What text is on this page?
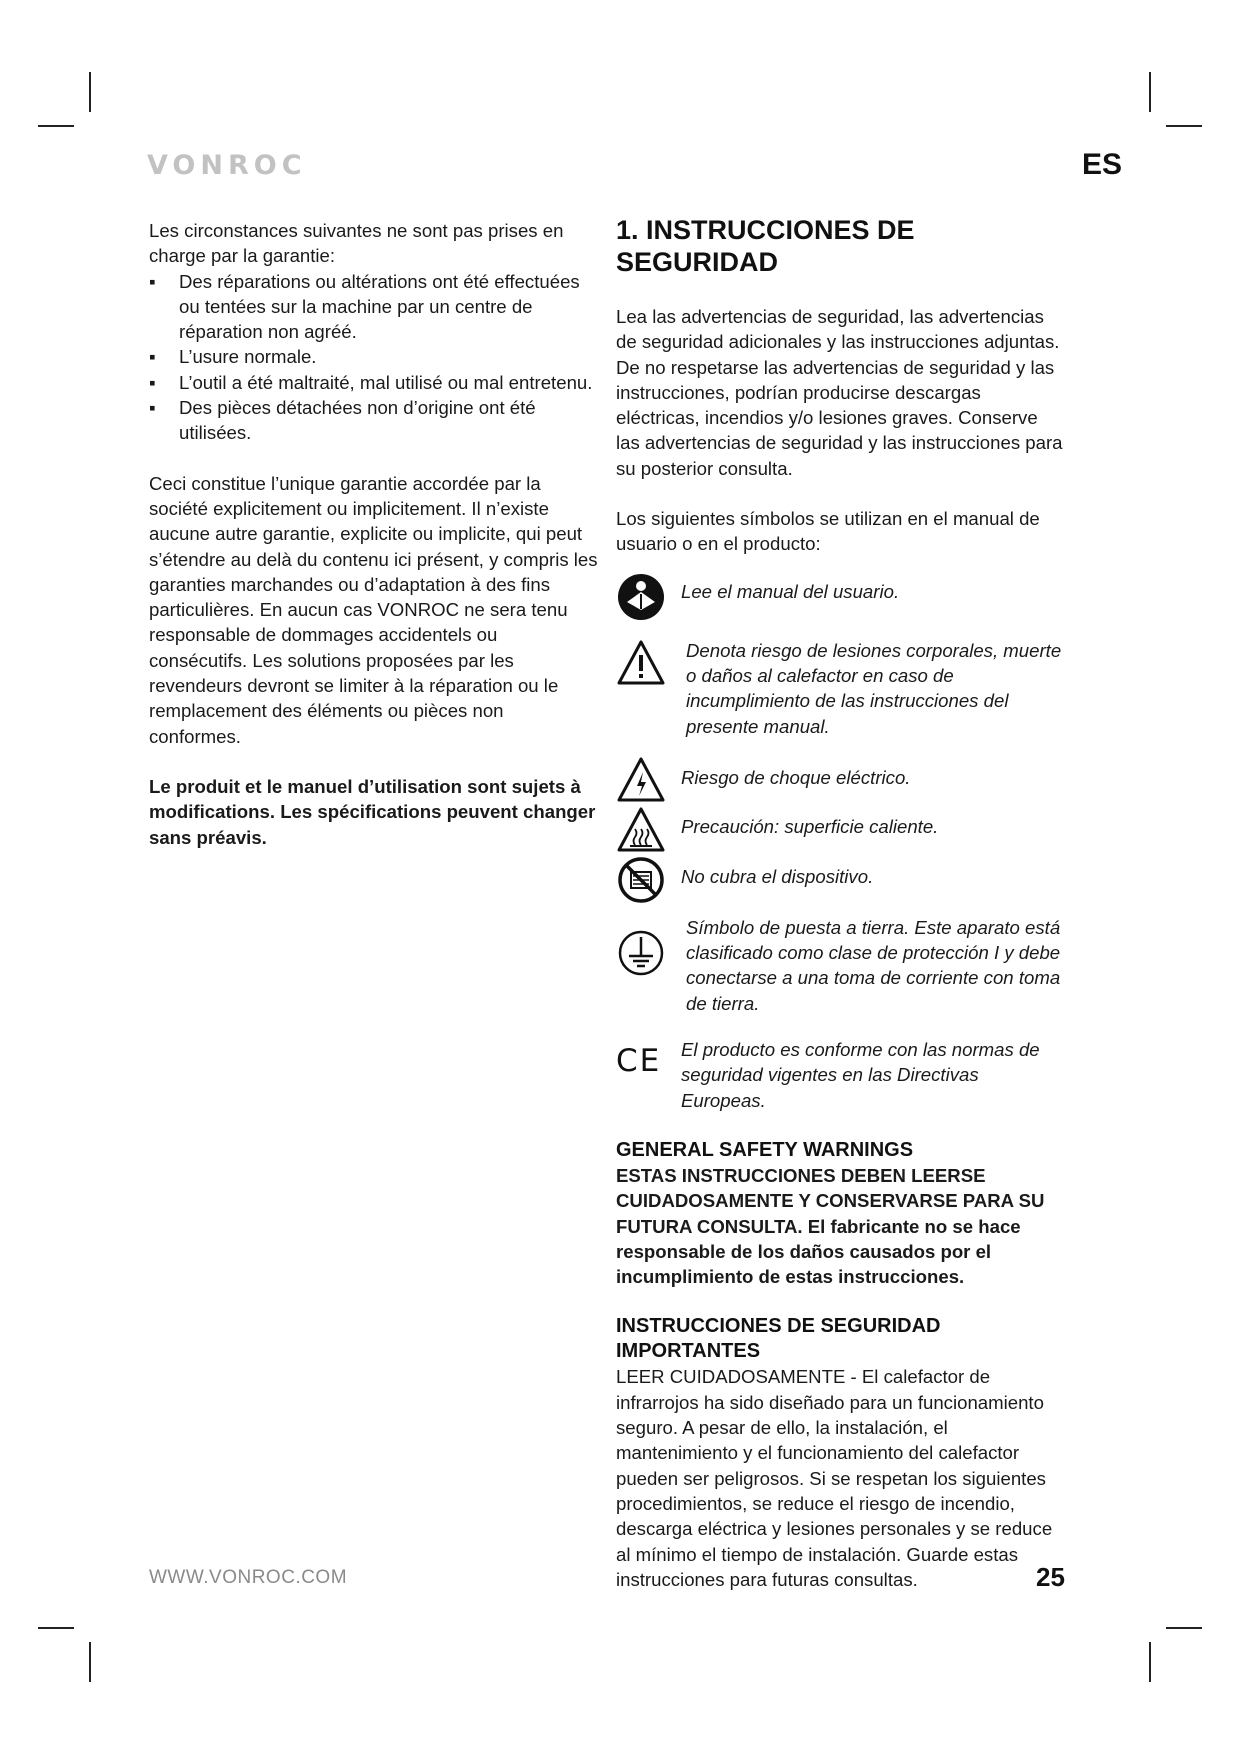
VONROC	ES

Les circonstances suivantes ne sont pas prises en charge par la garantie:

▪ Des réparations ou altérations ont été effectuées ou tentées sur la machine par un centre de réparation non agréé.
▪ L’usure normale.
▪ L’outil a été maltraité, mal utilisé ou mal entretenu.
▪ Des pièces détachées non d’origine ont été utilisées.

Ceci constitue l’unique garantie accordée par la société explicitement ou implicitement. Il n’existe aucune autre garantie, explicite ou implicite, qui peut s’étendre au delà du contenu ici présent, y compris les garanties marchandes ou d’adaptation à des fins particulières. En aucun cas VONROC ne sera tenu responsable de dommages accidentels ou consécutifs. Les solutions proposées par les revendeurs devront se limiter à la réparation ou le remplacement des éléments ou pièces non conformes.

Le produit et le manuel d’utilisation sont sujets à modifications. Les spécifications peuvent changer sans préavis.

1. INSTRUCCIONES DE SEGURIDAD

Lea las advertencias de seguridad, las advertencias de seguridad adicionales y las instrucciones adjuntas. De no respetarse las advertencias de seguridad y las instrucciones, podrían producirse descargas eléctricas, incendios y/o lesiones graves. Conserve las advertencias de seguridad y las instrucciones para su posterior consulta.

Los siguientes símbolos se utilizan en el manual de usuario o en el producto:

Lee el manual del usuario.
Denota riesgo de lesiones corporales, muerte o daños al calefactor en caso de incumplimiento de las instrucciones del presente manual.
Riesgo de choque eléctrico.
Precaución: superficie caliente.
No cubra el dispositivo.
Símbolo de puesta a tierra. Este aparato está clasificado como clase de protección I y debe conectarse a una toma de corriente con toma de tierra.
CE El producto es conforme con las normas de seguridad vigentes en las Directivas Europeas.
GENERAL SAFETY WARNINGS

ESTAS INSTRUCCIONES DEBEN LEERSE CUIDADOSAMENTE Y CONSERVARSE PARA SU FUTURA CONSULTA. El fabricante no se hace responsable de los daños causados por el incumplimiento de estas instrucciones.

INSTRUCCIONES DE SEGURIDAD IMPORTANTES

LEER CUIDADOSAMENTE - El calefactor de infrarrojos ha sido diseñado para un funcionamiento seguro. A pesar de ello, la instalación, el mantenimiento y el funcionamiento del calefactor pueden ser peligrosos. Si se respetan los siguientes procedimientos, se reduce el riesgo de incendio, descarga eléctrica y lesiones personales y se reduce al mínimo el tiempo de instalación. Guarde estas instrucciones para futuras consultas.

WWW.VONROC.COM	25
